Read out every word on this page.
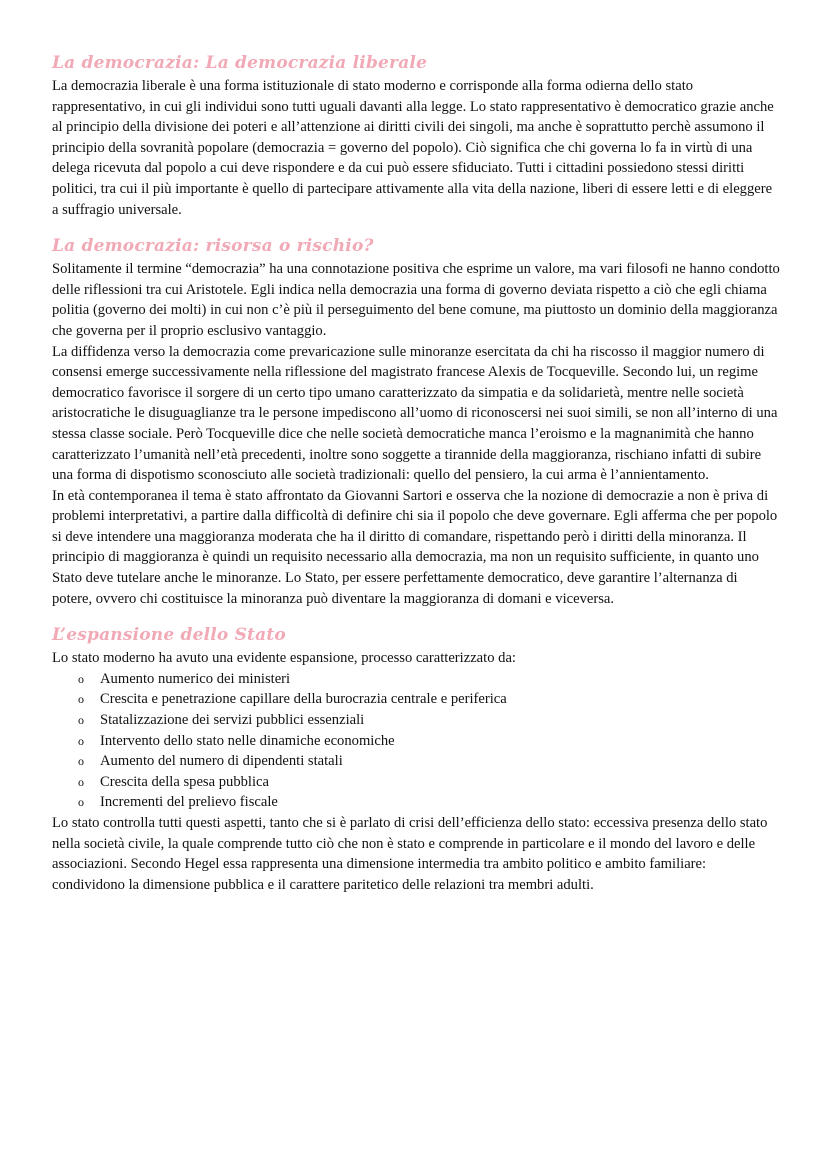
La democrazia: La democrazia liberale

La democrazia liberale è una forma istituzionale di stato moderno e corrisponde alla forma odierna dello stato rappresentativo, in cui gli individui sono tutti uguali davanti alla legge. Lo stato rappresentativo è democratico grazie anche al principio della divisione dei poteri e all’attenzione ai diritti civili dei singoli, ma anche è soprattutto perchè assumono il principio della sovranità popolare (democrazia = governo del popolo). Ciò significa che chi governa lo fa in virtù di una delega ricevuta dal popolo a cui deve rispondere e da cui può essere sfiduciato. Tutti i cittadini possiedono stessi diritti politici, tra cui il più importante è quello di partecipare attivamente alla vita della nazione, liberi di essere letti e di eleggere a suffragio universale.

La democrazia: risorsa o rischio?

Solitamente il termine “democrazia” ha una connotazione positiva che esprime un valore, ma vari filosofi ne hanno condotto delle riflessioni tra cui Aristotele. Egli indica nella democrazia una forma di governo deviata rispetto a ciò che egli chiama politia (governo dei molti) in cui non c’è più il perseguimento del bene comune, ma piuttosto un dominio della maggioranza che governa per il proprio esclusivo vantaggio.

La diffidenza verso la democrazia come prevaricazione sulle minoranze esercitata da chi ha riscosso il maggior numero di consensi emerge successivamente nella riflessione del magistrato francese Alexis de Tocqueville. Secondo lui, un regime democratico favorisce il sorgere di un certo tipo umano caratterizzato da simpatia e da solidarietà, mentre nelle società aristocratiche le disuguaglianze tra le persone impediscono all’uomo di riconoscersi nei suoi simili, se non all’interno di una stessa classe sociale. Però Tocqueville dice che nelle società democratiche manca l’eroismo e la magnanimità che hanno caratterizzato l’umanità nell’età precedenti, inoltre sono soggette a tirannide della maggioranza, rischiano infatti di subire una forma di dispotismo sconosciuto alle società tradizionali: quello del pensiero, la cui arma è l’annientamento.

In età contemporanea il tema è stato affrontato da Giovanni Sartori e osserva che la nozione di democrazie a non è priva di problemi interpretativi, a partire dalla difficoltà di definire chi sia il popolo che deve governare. Egli afferma che per popolo si deve intendere una maggioranza moderata che ha il diritto di comandare, rispettando però i diritti della minoranza. Il principio di maggioranza è quindi un requisito necessario alla democrazia, ma non un requisito sufficiente, in quanto uno Stato deve tutelare anche le minoranze. Lo Stato, per essere perfettamente democratico, deve garantire l’alternanza di potere, ovvero chi costituisce la minoranza può diventare la maggioranza di domani e viceversa.

L’espansione dello Stato

Lo stato moderno ha avuto una evidente espansione, processo caratterizzato da:

o Aumento numerico dei ministeri
o Crescita e penetrazione capillare della burocrazia centrale e periferica
o Statalizzazione dei servizi pubblici essenziali
o Intervento dello stato nelle dinamiche economiche
o Aumento del numero di dipendenti statali
o Crescita della spesa pubblica
o Incrementi del prelievo fiscale

Lo stato controlla tutti questi aspetti, tanto che si è parlato di crisi dell’efficienza dello stato: eccessiva presenza dello stato nella società civile, la quale comprende tutto ciò che non è stato e comprende in particolare e il mondo del lavoro e delle associazioni. Secondo Hegel essa rappresenta una dimensione intermedia tra ambito politico e ambito familiare: condividono la dimensione pubblica e il carattere paritetico delle relazioni tra membri adulti.
